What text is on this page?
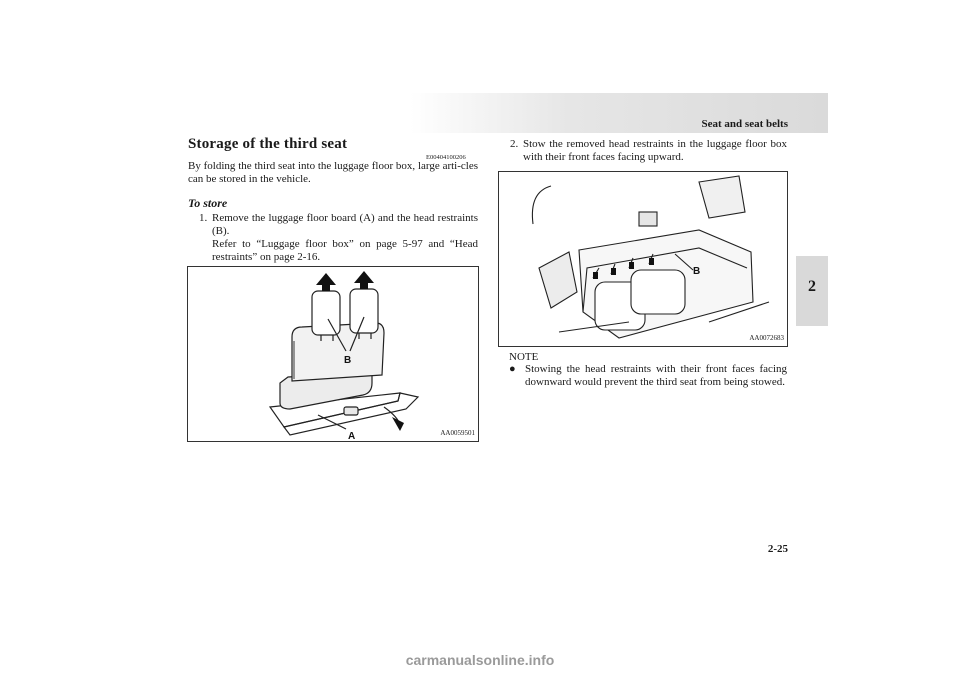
Seat and seat belts
2
Storage of the third seat
E00404100206
By folding the third seat into the luggage floor box, large arti-cles can be stored in the vehicle.
To store
1. Remove the luggage floor board (A) and the head restraints (B).
Refer to “Luggage floor box” on page 5-97 and “Head restraints” on page 2-16.
B
A	AA0059501
2. Stow the removed head restraints in the luggage floor box with their front faces facing upward.
B
AA0072683
NOTE
● Stowing the head restraints with their front faces facing downward would prevent the third seat from being stowed.
2-25
carmanualsonline.info
